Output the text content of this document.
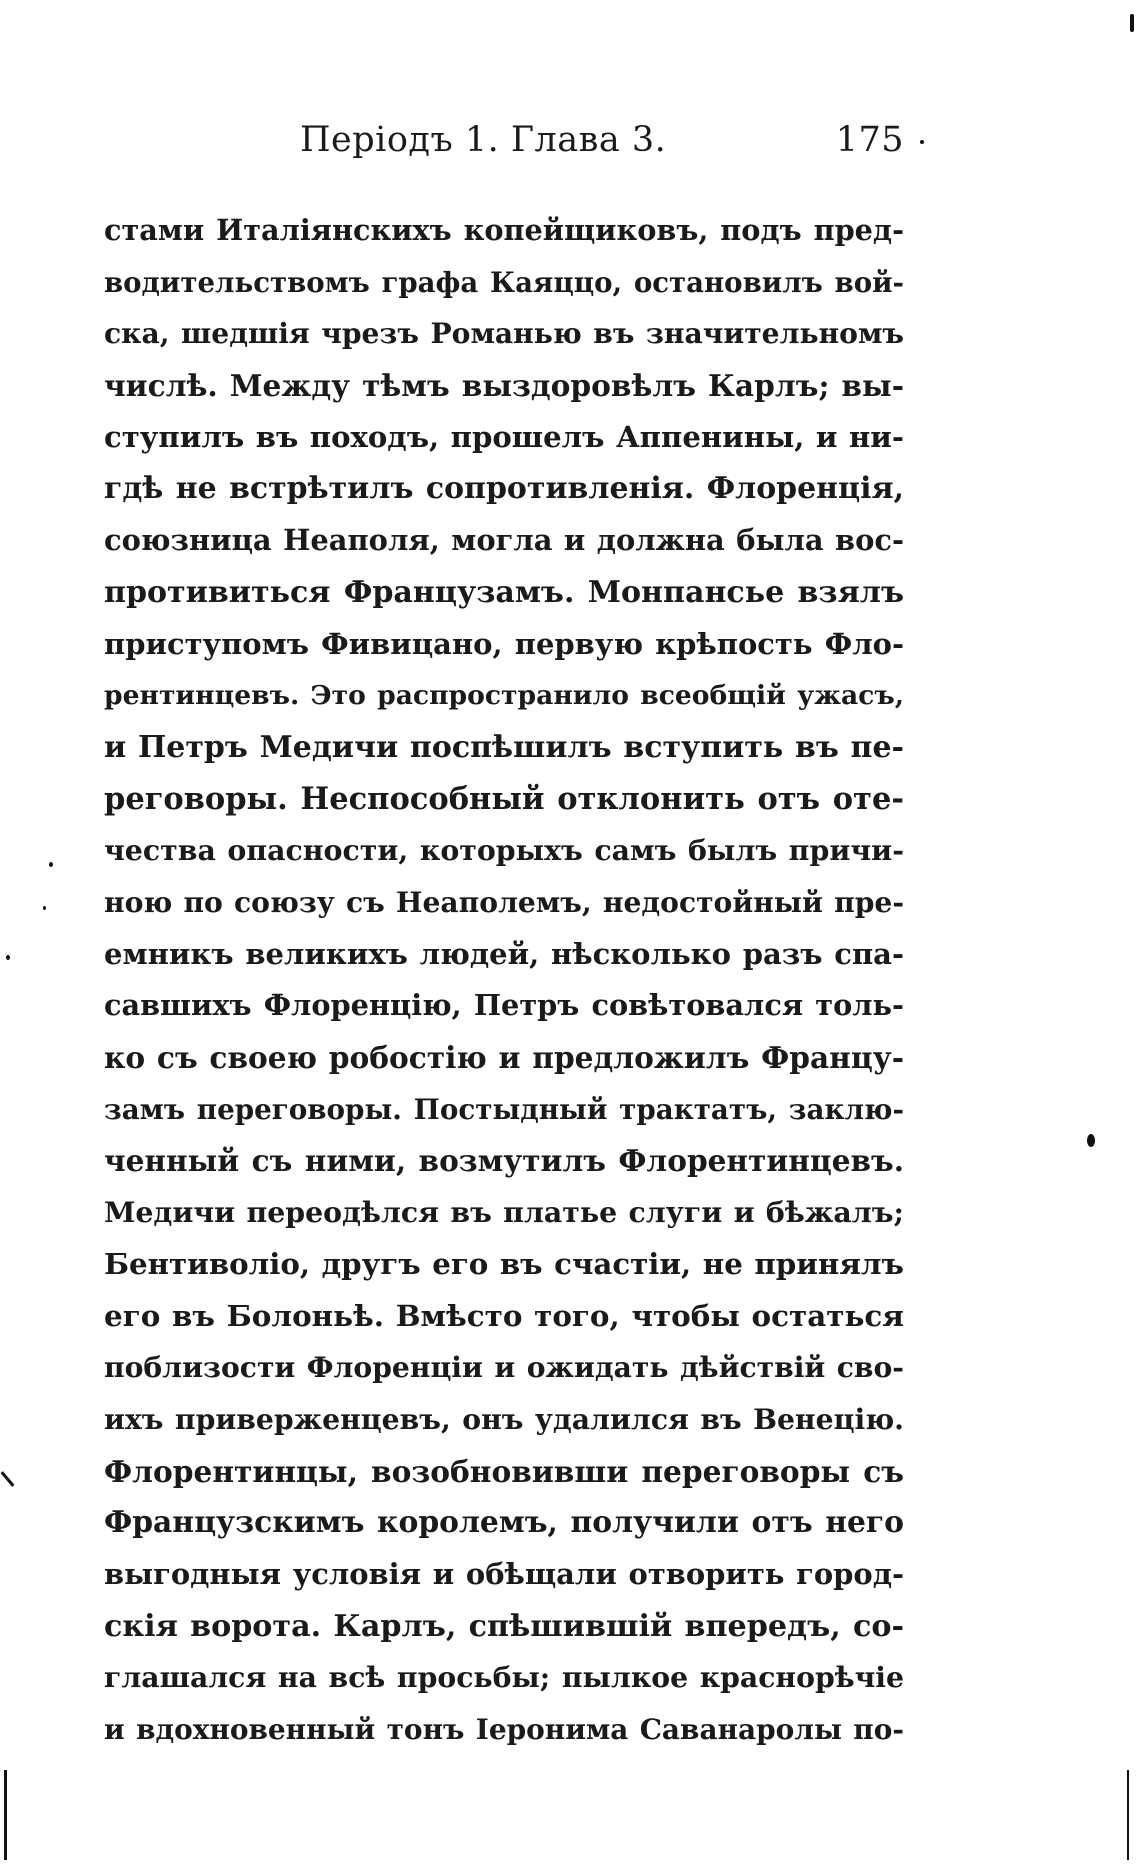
Періодъ 1. Глава 3.	175
стами Италіянскихъ копейщиковъ, подъ пред-
водительствомъ графа Каяццо, остановилъ вой-
ска, шедшія чрезъ Романью въ значительномъ
числѣ. Между тѣмъ выздоровѣлъ Карлъ; вы-
ступилъ въ походъ, прошелъ Аппенины, и ни-
гдѣ не встрѣтилъ сопротивленія. Флоренція,
союзница Неаполя, могла и должна была вос-
противиться Французамъ. Монпансье взялъ
приступомъ Фивицано, первую крѣпость Фло-
рентинцевъ. Это распространило всеобщій ужасъ,
и Петръ Медичи поспѣшилъ вступить въ пе-
реговоры. Неспособный отклонить отъ оте-
чества опасности, которыхъ самъ былъ причи-
ною по союзу съ Неаполемъ, недостойный пре-
емникъ великихъ людей, нѣсколько разъ спа-
савшихъ Флоренцію, Петръ совѣтовался толь-
ко съ своею робостію и предложилъ Францу-
замъ переговоры. Постыдный трактатъ, заклю-
ченный съ ними, возмутилъ Флорентинцевъ.
Медичи переодѣлся въ платье слуги и бѣжалъ;
Бентиволіо, другъ его въ счастіи, не принялъ
его въ Болоньѣ. Вмѣсто того, чтобы остаться
поблизости Флоренціи и ожидать дѣйствій сво-
ихъ приверженцевъ, онъ удалился въ Венецію.
Флорентинцы, возобновивши переговоры съ
Французскимъ королемъ, получили отъ него
выгодныя условія и обѣщали отворить город-
скія ворота. Карлъ, спѣшившій впередъ, со-
глашался на всѣ просьбы; пылкое краснорѣчіе
и вдохновенный тонъ Іеронима Саванаролы по-
